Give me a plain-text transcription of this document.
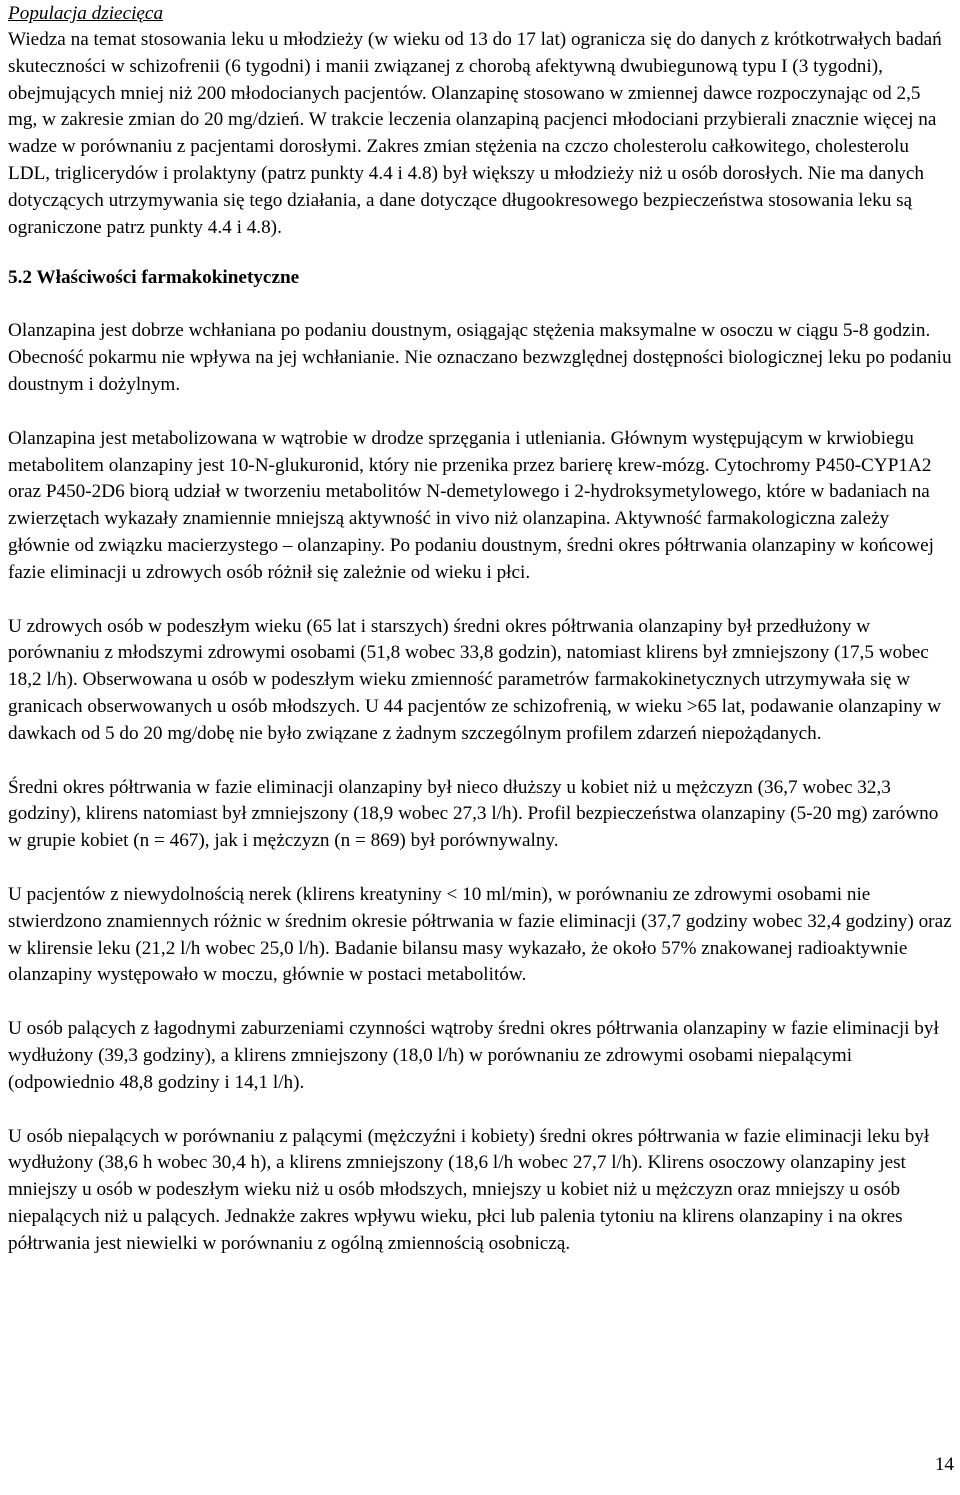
Populacja dziecięca

Wiedza na temat stosowania leku u młodzieży (w wieku od 13 do 17 lat) ogranicza się do danych z krótkotrwałych badań skuteczności w schizofrenii (6 tygodni) i manii związanej z chorobą afektywną dwubiegunową typu I (3 tygodni), obejmujących mniej niż 200 młodocianych pacjentów. Olanzapinę stosowano w zmiennej dawce rozpoczynając od 2,5 mg, w zakresie zmian do 20 mg/dzień. W trakcie leczenia olanzapiną pacjenci młodociani przybierali znacznie więcej na wadze w porównaniu z pacjentami dorosłymi. Zakres zmian stężenia na czczo cholesterolu całkowitego, cholesterolu LDL, triglicerydów i prolaktyny (patrz punkty 4.4 i 4.8) był większy u młodzieży niż u osób dorosłych. Nie ma danych dotyczących utrzymywania się tego działania, a dane dotyczące długookresowego bezpieczeństwa stosowania leku są ograniczone patrz punkty 4.4 i 4.8).

5.2 Właściwości farmakokinetyczne

Olanzapina jest dobrze wchłaniana po podaniu doustnym, osiągając stężenia maksymalne w osoczu w ciągu 5-8 godzin. Obecność pokarmu nie wpływa na jej wchłanianie. Nie oznaczano bezwzględnej dostępności biologicznej leku po podaniu doustnym i dożylnym.

Olanzapina jest metabolizowana w wątrobie w drodze sprzęgania i utleniania. Głównym występującym w krwiobiegu metabolitem olanzapiny jest 10-N-glukuronid, który nie przenika przez barierę krew-mózg. Cytochromy P450-CYP1A2 oraz P450-2D6 biorą udział w tworzeniu metabolitów N-demetylowego i 2-hydroksymetylowego, które w badaniach na zwierzętach wykazały znamiennie mniejszą aktywność in vivo niż olanzapina. Aktywność farmakologiczna zależy głównie od związku macierzystego – olanzapiny. Po podaniu doustnym, średni okres półtrwania olanzapiny w końcowej fazie eliminacji u zdrowych osób różnił się zależnie od wieku i płci.

U zdrowych osób w podeszłym wieku (65 lat i starszych) średni okres półtrwania olanzapiny był przedłużony w porównaniu z młodszymi zdrowymi osobami (51,8 wobec 33,8 godzin), natomiast klirens był zmniejszony (17,5 wobec 18,2 l/h). Obserwowana u osób w podeszłym wieku zmienność parametrów farmakokinetycznych utrzymywała się w granicach obserwowanych u osób młodszych. U 44 pacjentów ze schizofrenią, w wieku >65 lat, podawanie olanzapiny w dawkach od 5 do 20 mg/dobę nie było związane z żadnym szczególnym profilem zdarzeń niepożądanych.

Średni okres półtrwania w fazie eliminacji olanzapiny był nieco dłuższy u kobiet niż u mężczyzn (36,7 wobec 32,3 godziny), klirens natomiast był zmniejszony (18,9 wobec 27,3 l/h). Profil bezpieczeństwa olanzapiny (5-20 mg) zarówno w grupie kobiet (n = 467), jak i mężczyzn (n = 869) był porównywalny.

U pacjentów z niewydolnością nerek (klirens kreatyniny < 10 ml/min), w porównaniu ze zdrowymi osobami nie stwierdzono znamiennych różnic w średnim okresie półtrwania w fazie eliminacji (37,7 godziny wobec 32,4 godziny) oraz w klirensie leku (21,2 l/h wobec 25,0 l/h). Badanie bilansu masy wykazało, że około 57% znakowanej radioaktywnie olanzapiny występowało w moczu, głównie w postaci metabolitów.

U osób palących z łagodnymi zaburzeniami czynności wątroby średni okres półtrwania olanzapiny w fazie eliminacji był wydłużony (39,3 godziny), a klirens zmniejszony (18,0 l/h) w porównaniu ze zdrowymi osobami niepalącymi (odpowiednio 48,8 godziny i 14,1 l/h).

U osób niepalących w porównaniu z palącymi (mężczyźni i kobiety) średni okres półtrwania w fazie eliminacji leku był wydłużony (38,6 h wobec 30,4 h), a klirens zmniejszony (18,6 l/h wobec 27,7 l/h). Klirens osoczowy olanzapiny jest mniejszy u osób w podeszłym wieku niż u osób młodszych, mniejszy u kobiet niż u mężczyzn oraz mniejszy u osób niepalących niż u palących. Jednakże zakres wpływu wieku, płci lub palenia tytoniu na klirens olanzapiny i na okres półtrwania jest niewielki w porównaniu z ogólną zmiennością osobniczą.

14
